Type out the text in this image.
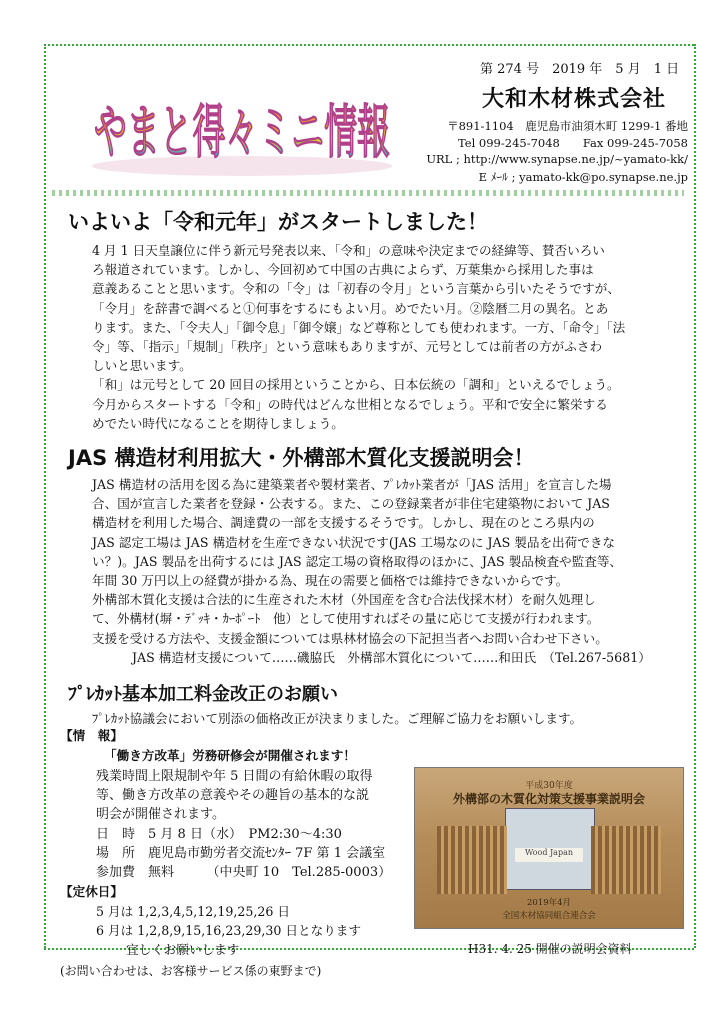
やまと得々ミニ情報
第 274 号　2019 年　5 月　1 日
大和木材株式会社
〒891-1104　鹿児島市油須木町 1299-1 番地
Tel 099-245-7048　　Fax 099-245-7058
URL ; http://www.synapse.ne.jp/~yamato-kk/
E ﾒｰﾙ ; yamato-kk@po.synapse.ne.jp
いよいよ「令和元年」がスタートしました！
4 月 1 日天皇譲位に伴う新元号発表以来、「令和」の意味や決定までの経緯等、賛否いろい
ろ報道されています。しかし、今回初めて中国の古典によらず、万葉集から採用した事は
意義あることと思います。令和の「令」は「初春の令月」という言葉から引いたそうですが、
「令月」を辞書で調べると①何事をするにもよい月。めでたい月。②陰暦二月の異名。とあ
ります。また、「令夫人」「御令息」「御令嬢」など尊称としても使われます。一方、「命令」「法
令」等、「指示」「規制」「秩序」という意味もありますが、元号としては前者の方がふさわ
しいと思います。
「和」は元号として 20 回目の採用ということから、日本伝統の「調和」といえるでしょう。
今月からスタートする「令和」の時代はどんな世相となるでしょう。平和で安全に繁栄する
めでたい時代になることを期待しましょう。
JAS 構造材利用拡大・外構部木質化支援説明会！
JAS 構造材の活用を図る為に建築業者や製材業者、ﾌﾟﾚｶｯﾄ業者が「JAS 活用」を宣言した場
合、国が宣言した業者を登録・公表する。また、この登録業者が非住宅建築物において JAS
構造材を利用した場合、調達費の一部を支援するそうです。しかし、現在のところ県内の
JAS 認定工場は JAS 構造材を生産できない状況です(JAS 工場なのに JAS 製品を出荷できな
い？)。JAS 製品を出荷するには JAS 認定工場の資格取得のほかに、JAS 製品検査や監査等、
年間 30 万円以上の経費が掛かる為、現在の需要と価格では維持できないからです。
外構部木質化支援は合法的に生産された木材（外国産を含む合法伐採木材）を耐久処理し
て、外構材(塀・ﾃﾞｯｷ・ｶｰﾎﾟｰﾄ　他）として使用すればその量に応じて支援が行われます。
支援を受ける方法や、支援金額については県林材協会の下記担当者へお問い合わせ下さい。
JAS 構造材支援について……磯脇氏　外構部木質化について……和田氏　（Tel.267-5681）
ﾌﾟﾚｶｯﾄ基本加工料金改正のお願い
ﾌﾟﾚｶｯﾄ協議会において別添の価格改正が決まりました。ご理解ご協力をお願いします。
【情　報】
「働き方改革」労務研修会が開催されます！
残業時間上限規制や年 5 日間の有給休暇の取得
等、働き方改革の意義やその趣旨の基本的な説
明会が開催されます。
日　時　5 月 8 日（水）　PM2:30～4:30
場　所　鹿児島市勤労者交流ｾﾝﾀｰ 7F 第 1 会議室
参加費　無料　　　（中央町 10　Tel.285-0003）
【定休日】
5 月は 1,2,3,4,5,12,19,25,26 日
6 月は 1,2,8,9,15,16,23,29,30 日となります
宜しくお願いします
平成30年度
外構部の木質化対策支援事業説明会
Wood Japan
2019年4月
全国木材協同組合連合会
H31. 4. 25 開催の説明会資料
(お問い合わせは、お客様サービス係の東野まで)
